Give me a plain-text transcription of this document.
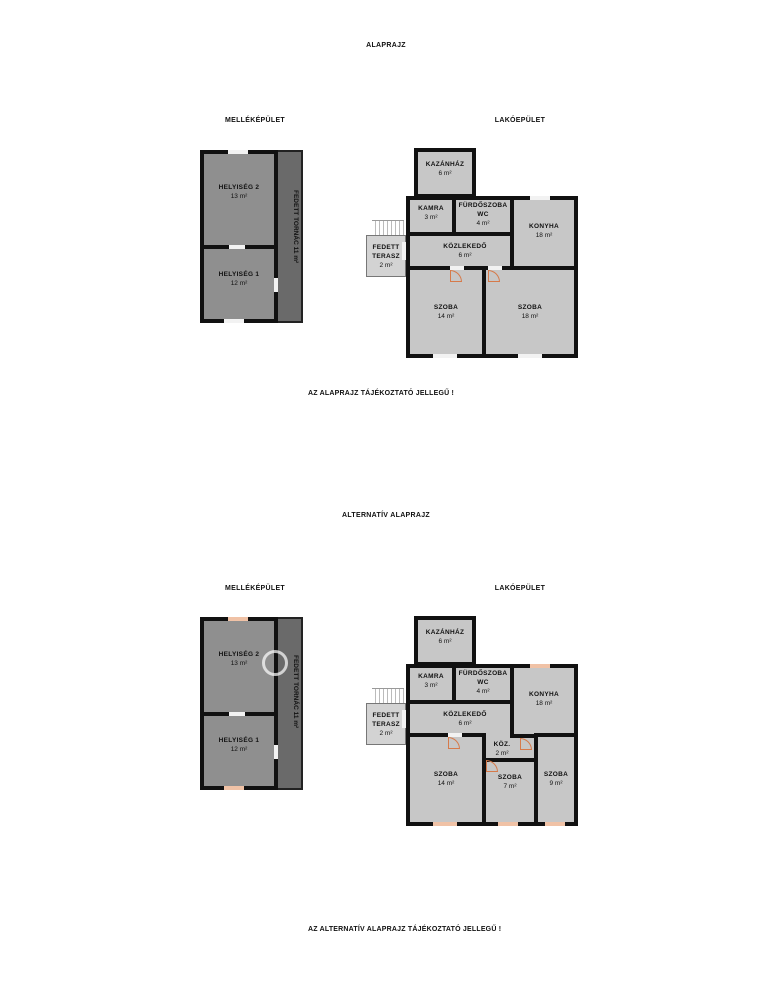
ALAPRAJZ
MELLÉKÉPÜLET	LAKÓEPÜLET
FEDETT TORNÁC 11 m²
HELYISÉG 2
13 m²
HELYISÉG 1
12 m²
FEDETT
TERASZ
2 m²
KAZÁNHÁZ
6 m²
KAMRA
3 m²
FÜRDŐSZOBA
WC
4 m²	KONYHA
18 m²
KÖZLEKEDŐ
6 m²
SZOBA
14 m²
SZOBA
18 m²
AZ ALAPRAJZ TÁJÉKOZTATÓ JELLEGŰ !
ALTERNATÍV ALAPRAJZ
MELLÉKÉPÜLET	LAKÓEPÜLET
FEDETT TORNÁC 11 m²
HELYISÉG 2
13 m²
HELYISÉG 1
12 m²
FEDETT
TERASZ
2 m²
KAZÁNHÁZ
6 m²
KAMRA
3 m²
FÜRDŐSZOBA
WC
4 m²	KONYHA
18 m²
KÖZLEKEDŐ
6 m²
SZOBA
14 m²
KÖZ.
2 m²
SZOBA
7 m²
SZOBA
9 m²
AZ ALTERNATÍV ALAPRAJZ TÁJÉKOZTATÓ JELLEGŰ !
